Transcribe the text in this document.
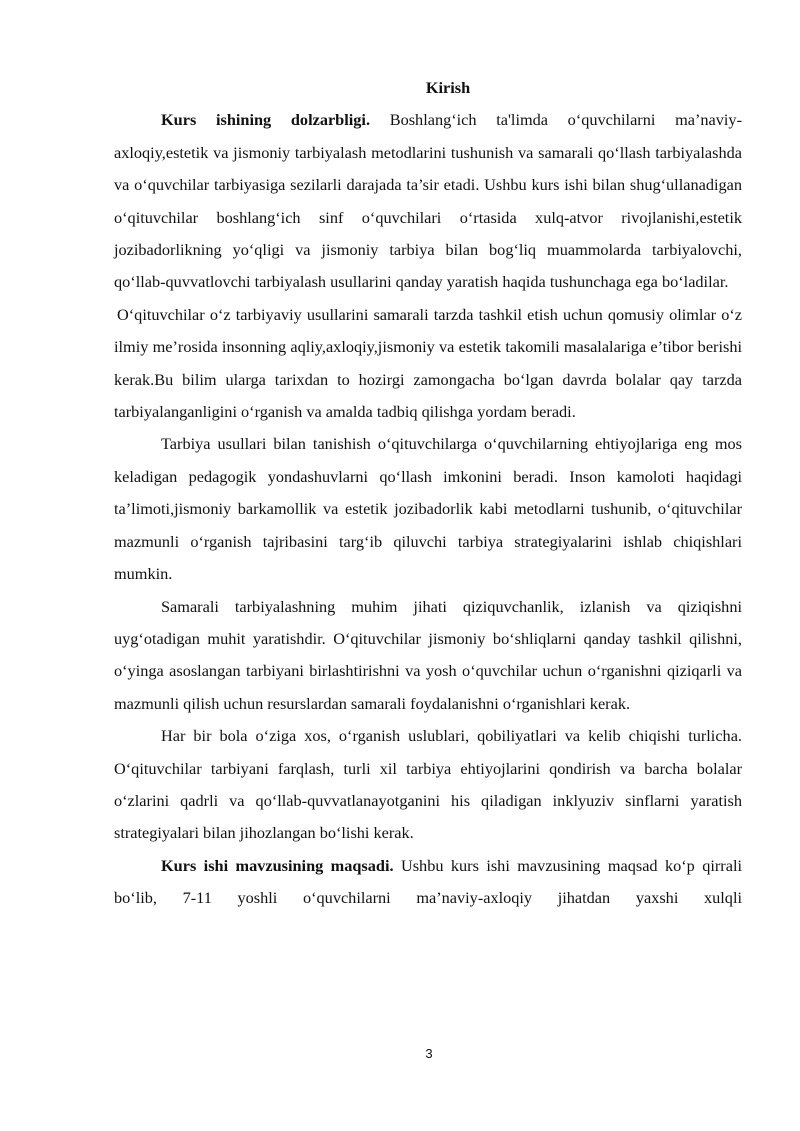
Kirish

Kurs ishining dolzarbligi. Boshlang‘ich ta'limda o‘quvchilarni ma’naviy-axloqiy,estetik va jismoniy tarbiyalash metodlarini tushunish va samarali qo‘llash tarbiyalashda va o‘quvchilar tarbiyasiga sezilarli darajada ta’sir etadi. Ushbu kurs ishi bilan shug‘ullanadigan o‘qituvchilar boshlang‘ich sinf o‘quvchilari o‘rtasida xulq-atvor rivojlanishi,estetik jozibadorlikning yo‘qligi va jismoniy tarbiya bilan bog‘liq muammolarda tarbiyalovchi, qo‘llab-quvvatlovchi tarbiyalash usullarini qanday yaratish haqida tushunchaga ega bo‘ladilar.

O‘qituvchilar o‘z tarbiyaviy usullarini samarali tarzda tashkil etish uchun qomusiy olimlar o‘z ilmiy me’rosida insonning aqliy,axloqiy,jismoniy va estetik takomili masalalariga e’tibor berishi kerak.Bu bilim ularga tarixdan to hozirgi zamongacha bo‘lgan davrda bolalar qay tarzda tarbiyalanganligini o‘rganish va amalda tadbiq qilishga yordam beradi.

Tarbiya usullari bilan tanishish o‘qituvchilarga o‘quvchilarning ehtiyojlariga eng mos keladigan pedagogik yondashuvlarni qo‘llash imkonini beradi. Inson kamoloti haqidagi ta’limoti,jismoniy barkamollik va estetik jozibadorlik kabi metodlarni tushunib, o‘qituvchilar mazmunli o‘rganish tajribasini targ‘ib qiluvchi tarbiya strategiyalarini ishlab chiqishlari mumkin.

Samarali tarbiyalashning muhim jihati qiziquvchanlik, izlanish va qiziqishni uyg‘otadigan muhit yaratishdir. O‘qituvchilar jismoniy bo‘shliqlarni qanday tashkil qilishni, o‘yinga asoslangan tarbiyani birlashtirishni va yosh o‘quvchilar uchun o‘rganishni qiziqarli va mazmunli qilish uchun resurslardan samarali foydalanishni o‘rganishlari kerak.

Har bir bola o‘ziga xos, o‘rganish uslublari, qobiliyatlari va kelib chiqishi turlicha. O‘qituvchilar tarbiyani farqlash, turli xil tarbiya ehtiyojlarini qondirish va barcha bolalar o‘zlarini qadrli va qo‘llab-quvvatlanayotganini his qiladigan inklyuziv sinflarni yaratish strategiyalari bilan jihozlangan bo‘lishi kerak.

Kurs ishi mavzusining maqsadi. Ushbu kurs ishi mavzusining maqsad ko‘p qirrali bo‘lib, 7-11 yoshli o‘quvchilarni ma’naviy-axloqiy jihatdan yaxshi xulqli

3
